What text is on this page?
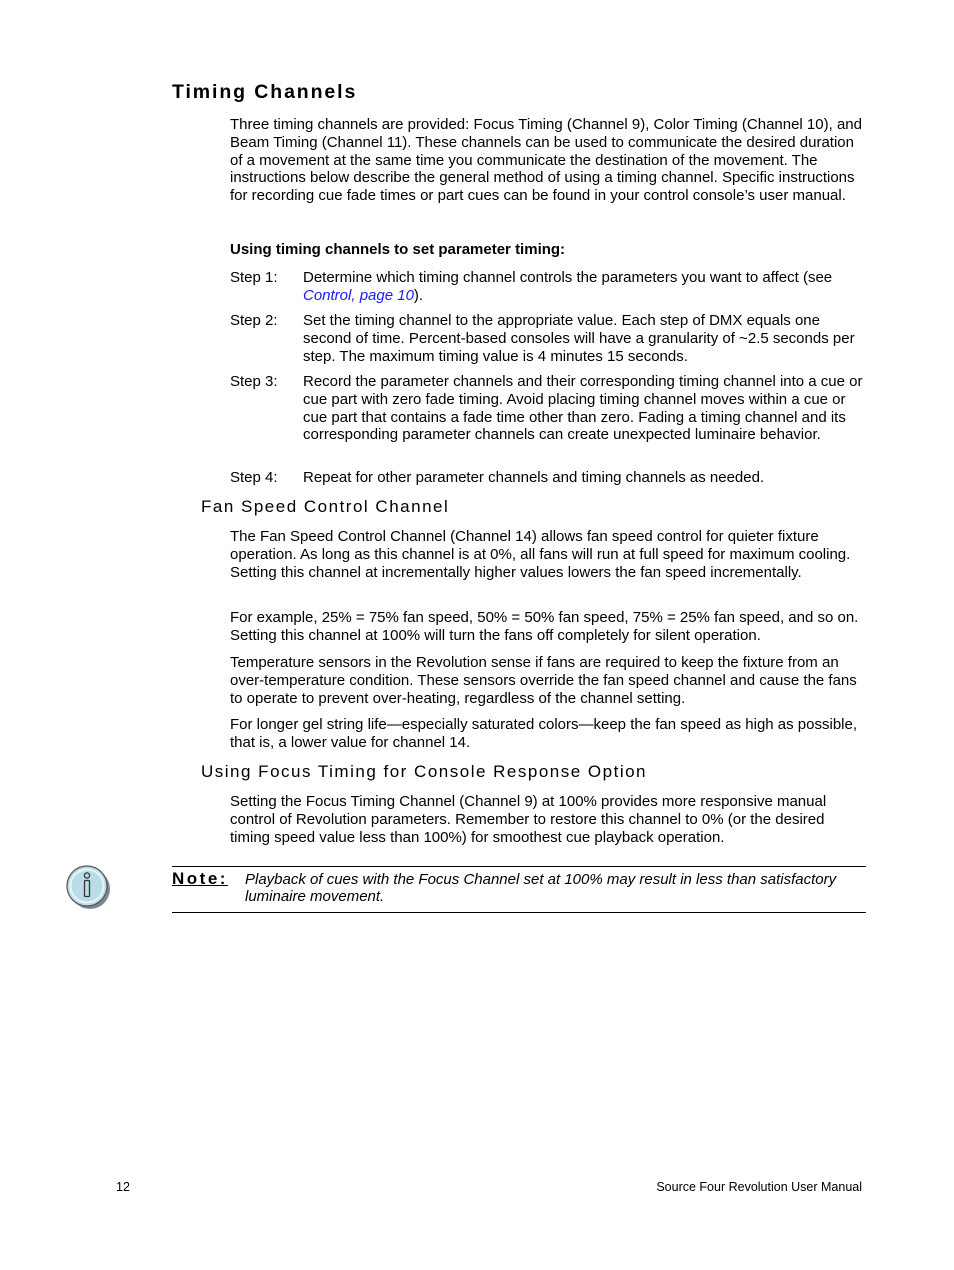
Timing Channels

Three timing channels are provided: Focus Timing (Channel 9), Color Timing (Channel 10), and Beam Timing (Channel 11). These channels can be used to communicate the desired duration of a movement at the same time you communicate the destination of the movement. The instructions below describe the general method of using a timing channel. Specific instructions for recording cue fade times or part cues can be found in your control console’s user manual.

Using timing channels to set parameter timing:

Step 1:	Determine which timing channel controls the parameters you want to affect (see Control, page 10).
Step 2:	Set the timing channel to the appropriate value. Each step of DMX equals one second of time. Percent-based consoles will have a granularity of ~2.5 seconds per step. The maximum timing value is 4 minutes 15 seconds.
Step 3:	Record the parameter channels and their corresponding timing channel into a cue or cue part with zero fade timing. Avoid placing timing channel moves within a cue or cue part that contains a fade time other than zero. Fading a timing channel and its corresponding parameter channels can create unexpected luminaire behavior.
Step 4:	Repeat for other parameter channels and timing channels as needed.
Fan Speed Control Channel

The Fan Speed Control Channel (Channel 14) allows fan speed control for quieter fixture operation. As long as this channel is at 0%, all fans will run at full speed for maximum cooling. Setting this channel at incrementally higher values lowers the fan speed incrementally.

For example, 25% = 75% fan speed, 50% = 50% fan speed, 75% = 25% fan speed, and so on. Setting this channel at 100% will turn the fans off completely for silent operation.

Temperature sensors in the Revolution sense if fans are required to keep the fixture from an over-temperature condition. These sensors override the fan speed channel and cause the fans to operate to prevent over-heating, regardless of the channel setting.

For longer gel string life—especially saturated colors—keep the fan speed as high as possible, that is, a lower value for channel 14.

Using Focus Timing for Console Response Option

Setting the Focus Timing Channel (Channel 9) at 100% provides more responsive manual control of Revolution parameters. Remember to restore this channel to 0% (or the desired timing speed value less than 100%) for smoothest cue playback operation.

Note: Playback of cues with the Focus Channel set at 100% may result in less than satisfactory luminaire movement.
12	Source Four Revolution User Manual
